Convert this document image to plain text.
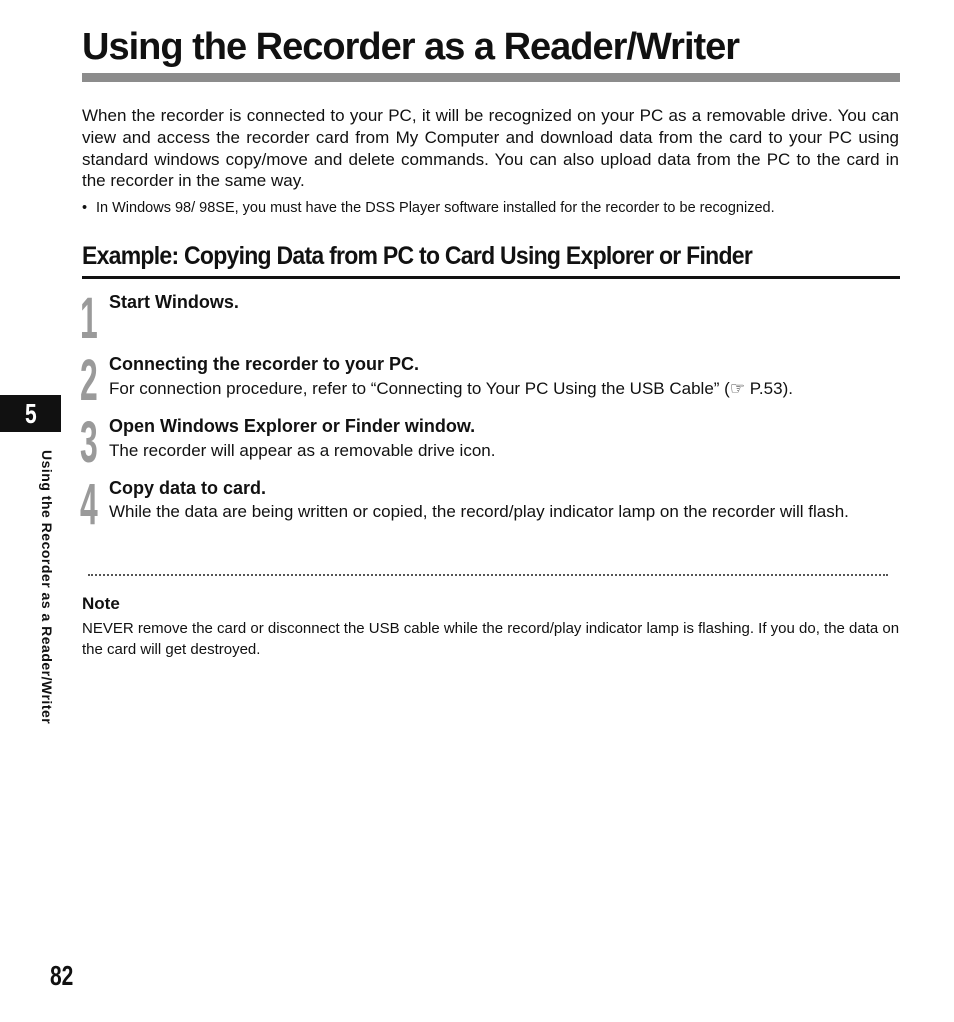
Using the Recorder as a Reader/Writer

When the recorder is connected to your PC, it will be recognized on your PC as a removable drive. You can view and access the recorder card from My Computer and download data from the card to your PC using standard windows copy/move and delete commands. You can also upload data from the PC to the card in the recorder in the same way.

• In Windows 98/ 98SE, you must have the DSS Player software installed for the recorder to be recognized.

Example: Copying Data from PC to Card Using Explorer or Finder
1 Start Windows.

2 Connecting the recorder to your PC.

For connection procedure, refer to “Connecting to Your PC Using the USB Cable” (☞ P.53).

3 Open Windows Explorer or Finder window.

The recorder will appear as a removable drive icon.

4 Copy data to card.

While the data are being written or copied, the record/play indicator lamp on the recorder will flash.

Note

NEVER remove the card or disconnect the USB cable while the record/play indicator lamp is flashing. If you do, the data on the card will get destroyed.

5
Using the Recorder as a Reader/Writer
82
